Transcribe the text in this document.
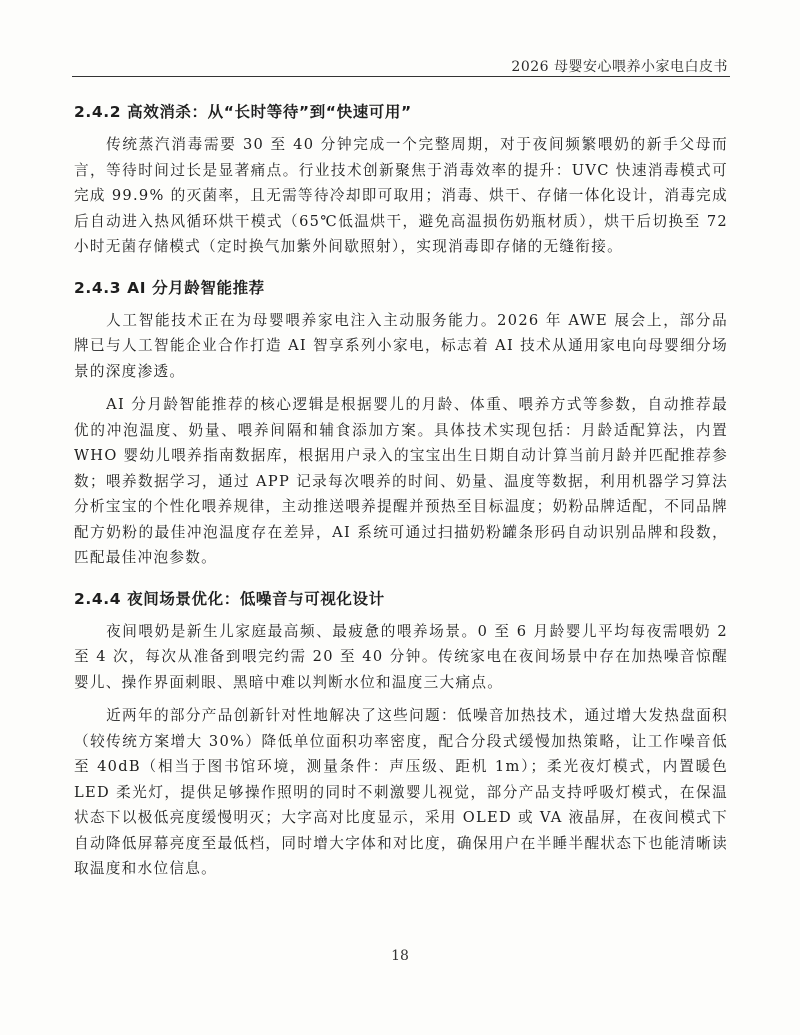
2026 母婴安心喂养小家电白皮书
2.4.2 高效消杀：从“长时等待”到“快速可用”

传统蒸汽消毒需要 30 至 40 分钟完成一个完整周期，对于夜间频繁喂奶的新手父母而言，等待时间过长是显著痛点。行业技术创新聚焦于消毒效率的提升：UVC 快速消毒模式可完成 99.9% 的灭菌率，且无需等待冷却即可取用；消毒、烘干、存储一体化设计，消毒完成后自动进入热风循环烘干模式（65℃低温烘干，避免高温损伤奶瓶材质），烘干后切换至 72 小时无菌存储模式（定时换气加紫外间歇照射），实现消毒即存储的无缝衔接。

2.4.3 AI 分月龄智能推荐

人工智能技术正在为母婴喂养家电注入主动服务能力。2026 年 AWE 展会上，部分品牌已与人工智能企业合作打造 AI 智享系列小家电，标志着 AI 技术从通用家电向母婴细分场景的深度渗透。

AI 分月龄智能推荐的核心逻辑是根据婴儿的月龄、体重、喂养方式等参数，自动推荐最优的冲泡温度、奶量、喂养间隔和辅食添加方案。具体技术实现包括：月龄适配算法，内置 WHO 婴幼儿喂养指南数据库，根据用户录入的宝宝出生日期自动计算当前月龄并匹配推荐参数；喂养数据学习，通过 APP 记录每次喂养的时间、奶量、温度等数据，利用机器学习算法分析宝宝的个性化喂养规律，主动推送喂养提醒并预热至目标温度；奶粉品牌适配，不同品牌配方奶粉的最佳冲泡温度存在差异，AI 系统可通过扫描奶粉罐条形码自动识别品牌和段数，匹配最佳冲泡参数。

2.4.4 夜间场景优化：低噪音与可视化设计

夜间喂奶是新生儿家庭最高频、最疲惫的喂养场景。0 至 6 月龄婴儿平均每夜需喂奶 2 至 4 次，每次从准备到喂完约需 20 至 40 分钟。传统家电在夜间场景中存在加热噪音惊醒婴儿、操作界面刺眼、黑暗中难以判断水位和温度三大痛点。

近两年的部分产品创新针对性地解决了这些问题：低噪音加热技术，通过增大发热盘面积（较传统方案增大 30%）降低单位面积功率密度，配合分段式缓慢加热策略，让工作噪音低至 40dB（相当于图书馆环境，测量条件：声压级、距机 1m）；柔光夜灯模式，内置暖色 LED 柔光灯，提供足够操作照明的同时不刺激婴儿视觉，部分产品支持呼吸灯模式，在保温状态下以极低亮度缓慢明灭；大字高对比度显示，采用 OLED 或 VA 液晶屏，在夜间模式下自动降低屏幕亮度至最低档，同时增大字体和对比度，确保用户在半睡半醒状态下也能清晰读取温度和水位信息。

18
